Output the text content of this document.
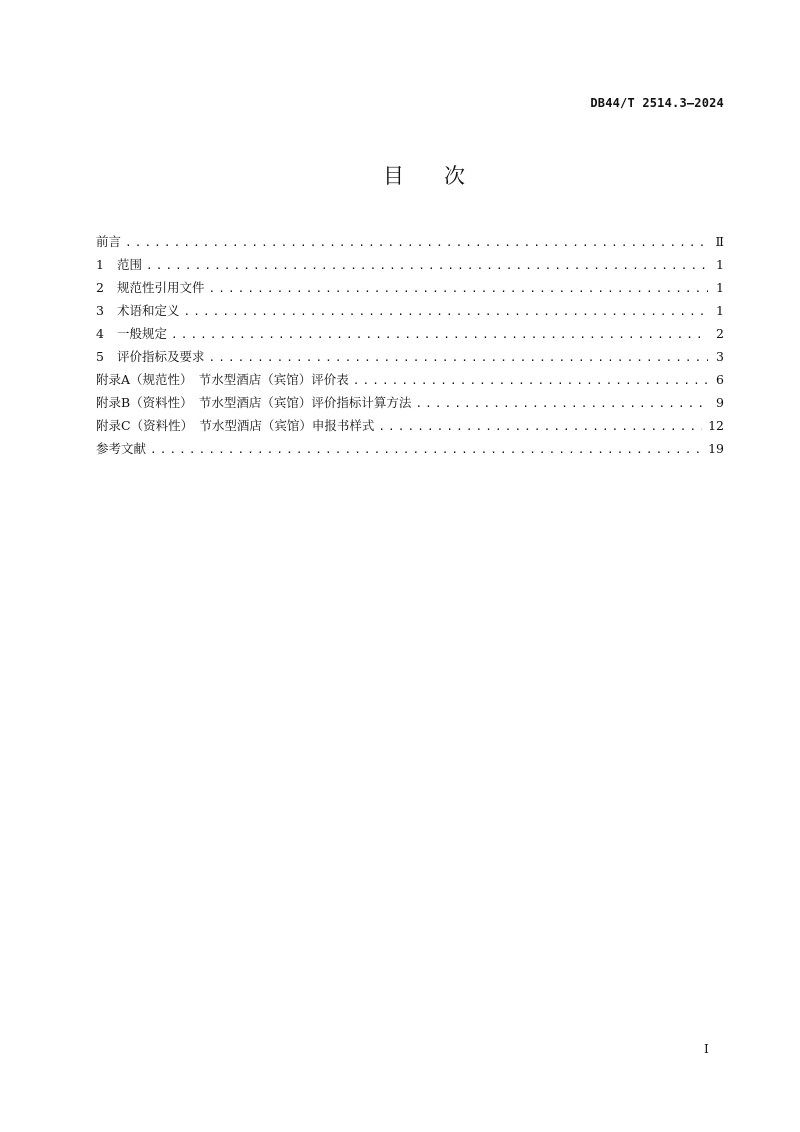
DB44/T 2514.3—2024
目 次
前言 .....	Ⅱ
1	范围 .....	1
2	规范性引用文件 .....	1
3	术语和定义 .....	1
4	一般规定 .....	2
5	评价指标及要求 .....	3
附录A（规范性）　节水型酒店（宾馆）评价表 .....	6
附录B（资料性）　节水型酒店（宾馆）评价指标计算方法 .....	9
附录C（资料性）　节水型酒店（宾馆）申报书样式 .....	12
参考文献 .....	19
I
